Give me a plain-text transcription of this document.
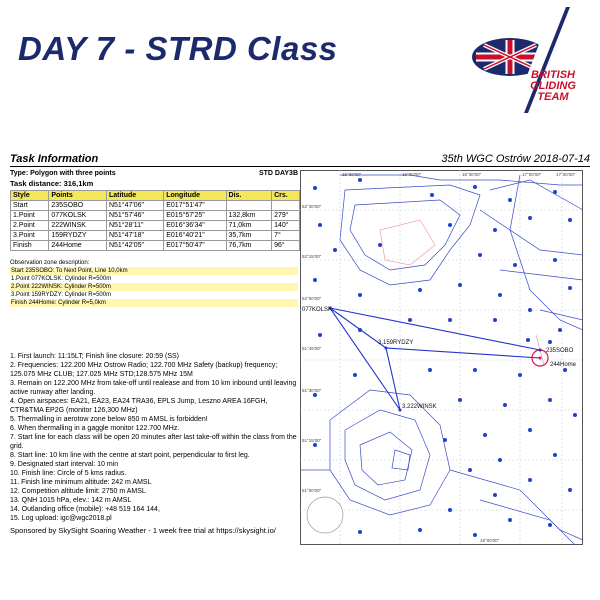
DAY 7 - STRD Class
BRITISH
GLIDING
TEAM
Task Information	35th WGC Ostrów 2018-07-14
Type: Polygon with three points	STD DAY3B
Task distance: 316,1km
Style	Points	Latitude	Longitude	Dis.	Crs.
Start	235SOBO	N51°47'06"	E017°51'47"		
1.Point	077KOLSK	N51°57'46"	E015°57'25"	132,8km	279°
2.Point	222WINSK	N51°28'11"	E016°36'34"	71,0km	140°
3.Point	159RYDZY	N51°47'18"	E016°40'21"	35,7km	7°
Finish	244Home	N51°42'05"	E017°50'47"	76,7km	96°
Observation zone description:
Start 235SOBO: To Next Point, Line 10,0km
1.Point 077KOLSK: Cylinder R=500m
2.Point 222WINSK: Cylinder R=500m
3.Point 159RYDZY: Cylinder R=500m
Finish 244Home: Cylinder R=5,0km

1. First launch: 11:15LT; Finish line closure: 20:59 (SS)

2. Frequencies: 122.200 MHz Ostrow Radio; 122.700 MHz Safety (backup) frequency; 125.075 MHz CLUB; 127.025 MHz STD;128.575 MHz 15M

3. Remain on 122.200 MHz from take-off until realease and from 10 km inbound until leaving active runway after landing.

4. Open airspaces: EA21, EA23, EA24 TRA36, EPLS Jump, Leszno AREA 16FGH, CTR&TMA EP2G (monitor 126,300 MHz)

5. Thermalling in aerotow zone below 850 m AMSL is forbidden!

6. When thermalling in a gaggle monitor 122.700 MHz.

7. Start line for each class will be open 20 minutes after last take-off within the class from the grid.

8. Start line: 10 km line with the centre at start point, perpendicular to first leg.

9. Designated start interval: 10 min

10. Finish line: Circle of 5 kms radius.

11. Finish line minimum altitude: 242 m AMSL

12. Competition altitude limit: 2750 m AMSL

13. QNH 1015 hPa, elev.: 142 m AMSL

14. Outlanding office (mobile): +48 519 164 144,

15. Log upload: igc@wgc2018.pl

Sponsored by SkySight Soaring Weather - 1 week free trial at https://skysight.io/
077KOLSK
3.159RYDZY
235SOBO
244Home
3.222WINSK
52°30'00"
52°15'00"
52°00'00"
51°45'00"
51°30'00"
51°15'00"
51°00'00"
15°30'00"	16°00'00"	16°30'00"	17°00'00"	17°30'00"
18°00'00"
